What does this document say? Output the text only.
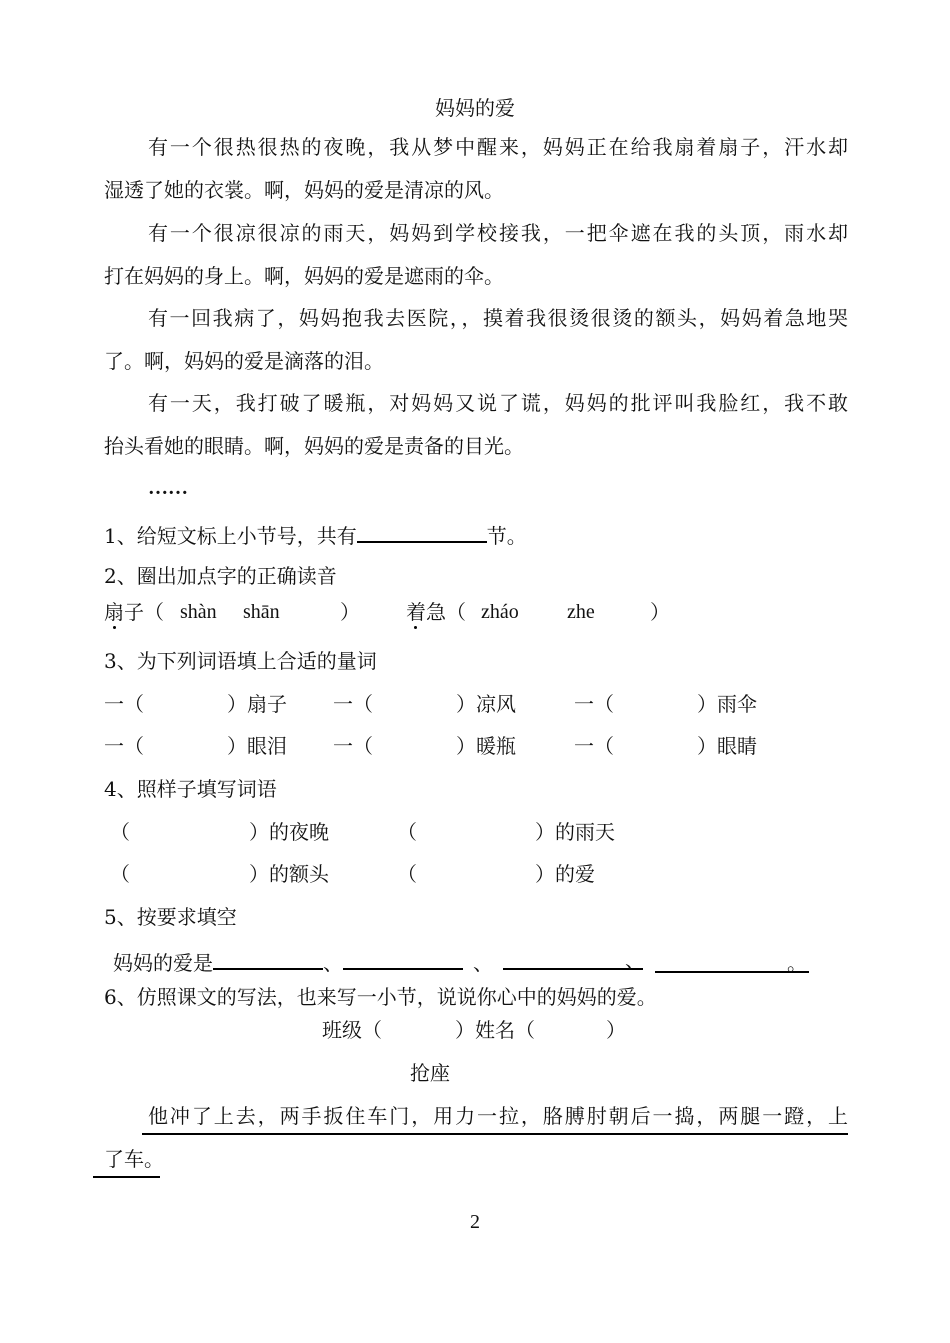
妈妈的爱
有一个很热很热的夜晚，我从梦中醒来，妈妈正在给我扇着扇子，汗水却
湿透了她的衣裳。啊，妈妈的爱是清凉的风。
有一个很凉很凉的雨天，妈妈到学校接我，一把伞遮在我的头顶，雨水却
打在妈妈的身上。啊，妈妈的爱是遮雨的伞。
有一回我病了，妈妈抱我去医院，，摸着我很烫很烫的额头，妈妈着急地哭
了。啊，妈妈的爱是滴落的泪。
有一天，我打破了暖瓶，对妈妈又说了谎，妈妈的批评叫我脸红，我不敢
抬头看她的眼睛。啊，妈妈的爱是责备的目光。
……
1、给短文标上小节号，共有	节。
2、圈出加点字的正确读音
扇子（ shàn shān	） 着急（ zháo zhe	）
3、为下列词语填上合适的量词
一（	）扇子 一（	）凉风	一（	）雨伞
一（	）眼泪 一（	）暖瓶	一（	）眼睛
4、照样子填写词语
（	）的夜晚	（	）的雨天
（	）的额头	（	）的爱
5、按要求填空
妈妈的爱是	、	、	、	。
6、仿照课文的写法，也来写一小节，说说你心中的妈妈的爱。
班级（	）姓名（	）
抢座
他冲了上去，两手扳住车门，用力一拉，胳膊肘朝后一捣，两腿一蹬，上
了车。
2
